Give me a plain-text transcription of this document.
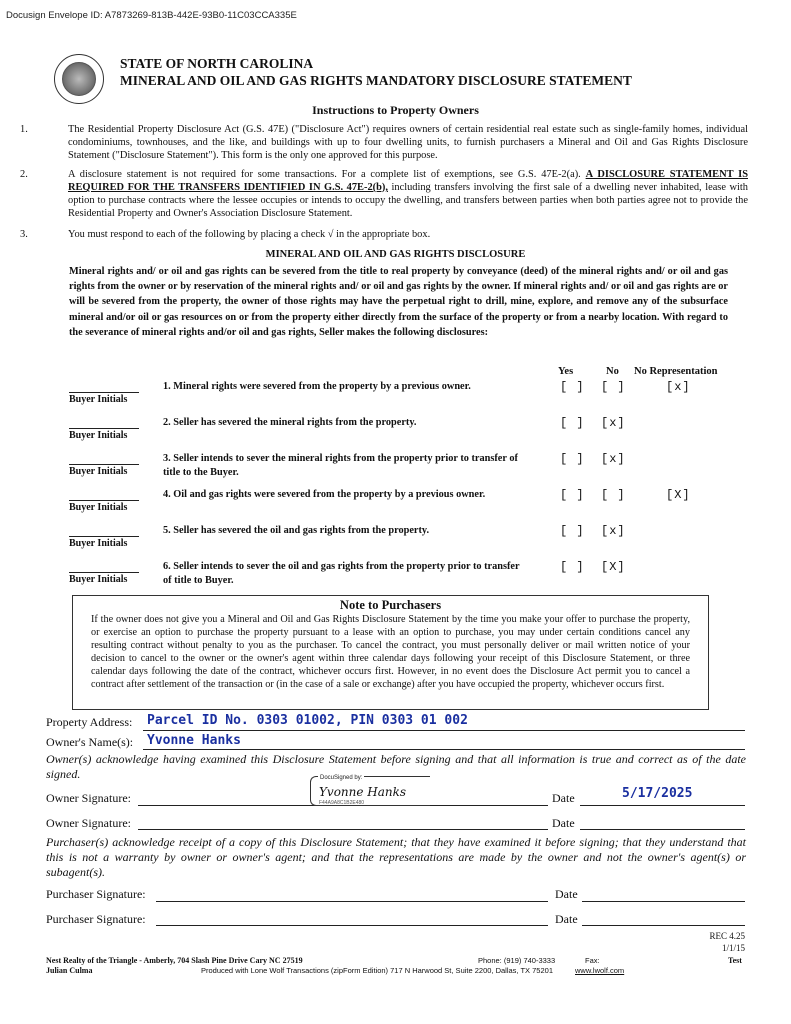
Docusign Envelope ID: A7873269-813B-442E-93B0-11C03CCA335E
STATE OF NORTH CAROLINA
MINERAL AND OIL AND GAS RIGHTS MANDATORY DISCLOSURE STATEMENT
Instructions to Property Owners
1.	The Residential Property Disclosure Act (G.S. 47E) ("Disclosure Act") requires owners of certain residential real estate such as single-family homes, individual condominiums, townhouses, and the like, and buildings with up to four dwelling units, to furnish purchasers a Mineral and Oil and Gas Rights Disclosure Statement ("Disclosure Statement"). This form is the only one approved for this purpose.
2.	A disclosure statement is not required for some transactions. For a complete list of exemptions, see G.S. 47E-2(a). A DISCLOSURE STATEMENT IS REQUIRED FOR THE TRANSFERS IDENTIFIED IN G.S. 47E-2(b), including transfers involving the first sale of a dwelling never inhabited, lease with option to purchase contracts where the lessee occupies or intends to occupy the dwelling, and transfers between parties when both parties agree not to provide the Residential Property and Owner's Association Disclosure Statement.
3.	You must respond to each of the following by placing a check √ in the appropriate box.
MINERAL AND OIL AND GAS RIGHTS DISCLOSURE
Mineral rights and/ or oil and gas rights can be severed from the title to real property by conveyance (deed) of the mineral rights and/ or oil and gas rights from the owner or by reservation of the mineral rights and/ or oil and gas rights by the owner. If mineral rights and/ or oil and gas rights are or will be severed from the property, the owner of those rights may have the perpetual right to drill, mine, explore, and remove any of the subsurface mineral and/or oil or gas resources on or from the property either directly from the surface of the property or from a nearby location. With regard to the severance of mineral rights and/or oil and gas rights, Seller makes the following disclosures:
Yes	No No Representation
Buyer Initials
1. Mineral rights were severed from the property by a previous owner.	[ ] [ ]	[x]
Buyer Initials
2. Seller has severed the mineral rights from the property.	[ ] [x]
Buyer Initials
3. Seller intends to sever the mineral rights from the property prior to transfer of title to the Buyer.
[ ] [x]
Buyer Initials
4. Oil and gas rights were severed from the property by a previous owner.	[ ] [ ]	[X]
Buyer Initials
5. Seller has severed the oil and gas rights from the property.	[ ] [x]
Buyer Initials
6. Seller intends to sever the oil and gas rights from the property prior to transfer of title to Buyer.
[ ] [X]
Note to Purchasers
If the owner does not give you a Mineral and Oil and Gas Rights Disclosure Statement by the time you make your offer to purchase the property, or exercise an option to purchase the property pursuant to a lease with an option to purchase, you may under certain conditions cancel any resulting contract without penalty to you as the purchaser. To cancel the contract, you must personally deliver or mail written notice of your decision to cancel to the owner or the owner's agent within three calendar days following your receipt of this Disclosure Statement, or three calendar days following the date of the contract, whichever occurs first. However, in no event does the Disclosure Act permit you to cancel a contract after settlement of the transaction or (in the case of a sale or exchange) after you have occupied the property, whichever occurs first.
Property Address: Parcel ID No. 0303 01002, PIN 0303 01 002
Owner's Name(s): Yvonne Hanks
Owner(s) acknowledge having examined this Disclosure Statement before signing and that all information is true and correct as of the date signed.
Owner Signature:
DocuSigned by:
Yvonne Hanks
F44A9A8C1B2E480	Date	5/17/2025
Owner Signature:	Date
Purchaser(s) acknowledge receipt of a copy of this Disclosure Statement; that they have examined it before signing; that they understand that this is not a warranty by owner or owner's agent; and that the representations are made by the owner and not the owner's agent(s) or subagent(s).
Purchaser Signature:	Date
Purchaser Signature:	Date
REC 4.25
1/1/15
Nest Realty of the Triangle - Amberly, 704 Slash Pine Drive Cary NC 27519	Phone: (919) 740-3333	Fax:	Test
Julian Culma	Produced with Lone Wolf Transactions (zipForm Edition) 717 N Harwood St, Suite 2200, Dallas, TX 75201	www.lwolf.com
